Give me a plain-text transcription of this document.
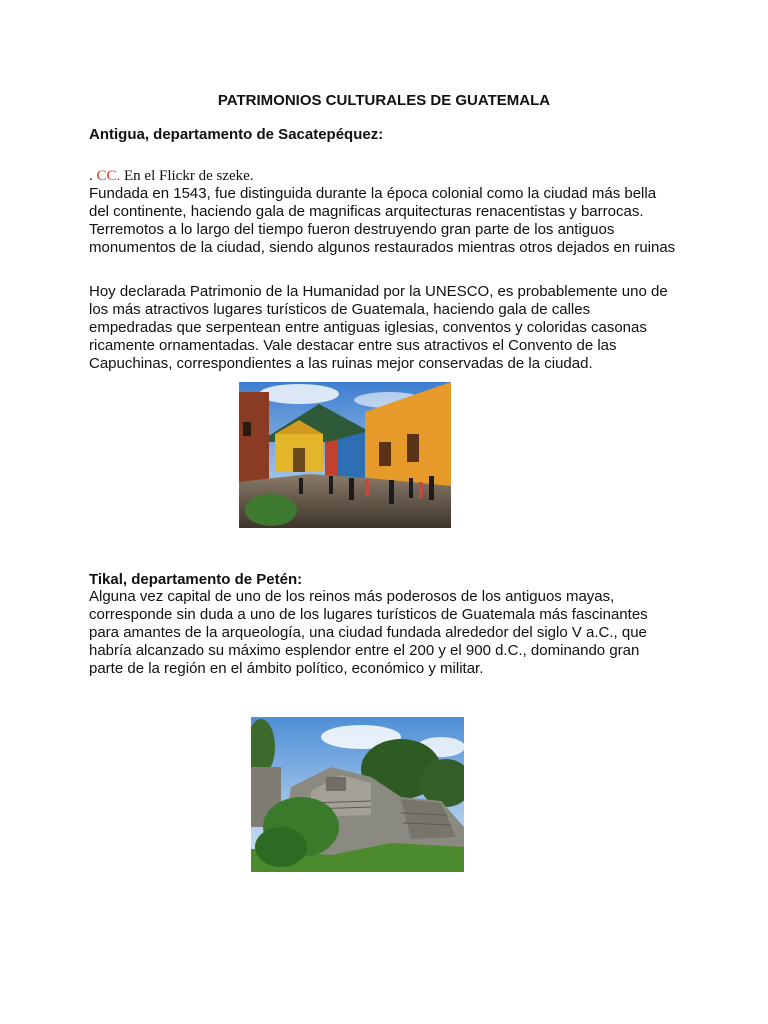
PATRIMONIOS CULTURALES DE GUATEMALA
Antigua, departamento de Sacatepéquez:

. CC. En el Flickr de szeke.

Fundada en 1543, fue distinguida durante la época colonial como la ciudad más bella
del continente, haciendo gala de magnificas arquitecturas renacentistas y barrocas.
Terremotos a lo largo del tiempo fueron destruyendo gran parte de los antiguos
monumentos de la ciudad, siendo algunos restaurados mientras otros dejados en ruinas

Hoy declarada Patrimonio de la Humanidad por la UNESCO, es probablemente uno de
los más atractivos lugares turísticos de Guatemala, haciendo gala de calles
empedradas que serpentean entre antiguas iglesias, conventos y coloridas casonas
ricamente ornamentadas. Vale destacar entre sus atractivos el Convento de las
Capuchinas, correspondientes a las ruinas mejor conservadas de la ciudad.

Tikal, departamento de Petén:

Alguna vez capital de uno de los reinos más poderosos de los antiguos mayas,
corresponde sin duda a uno de los lugares turísticos de Guatemala más fascinantes
para amantes de la arqueología, una ciudad fundada alrededor del siglo V a.C., que
habría alcanzado su máximo esplendor entre el 200 y el 900 d.C., dominando gran
parte de la región en el ámbito político, económico y militar.
